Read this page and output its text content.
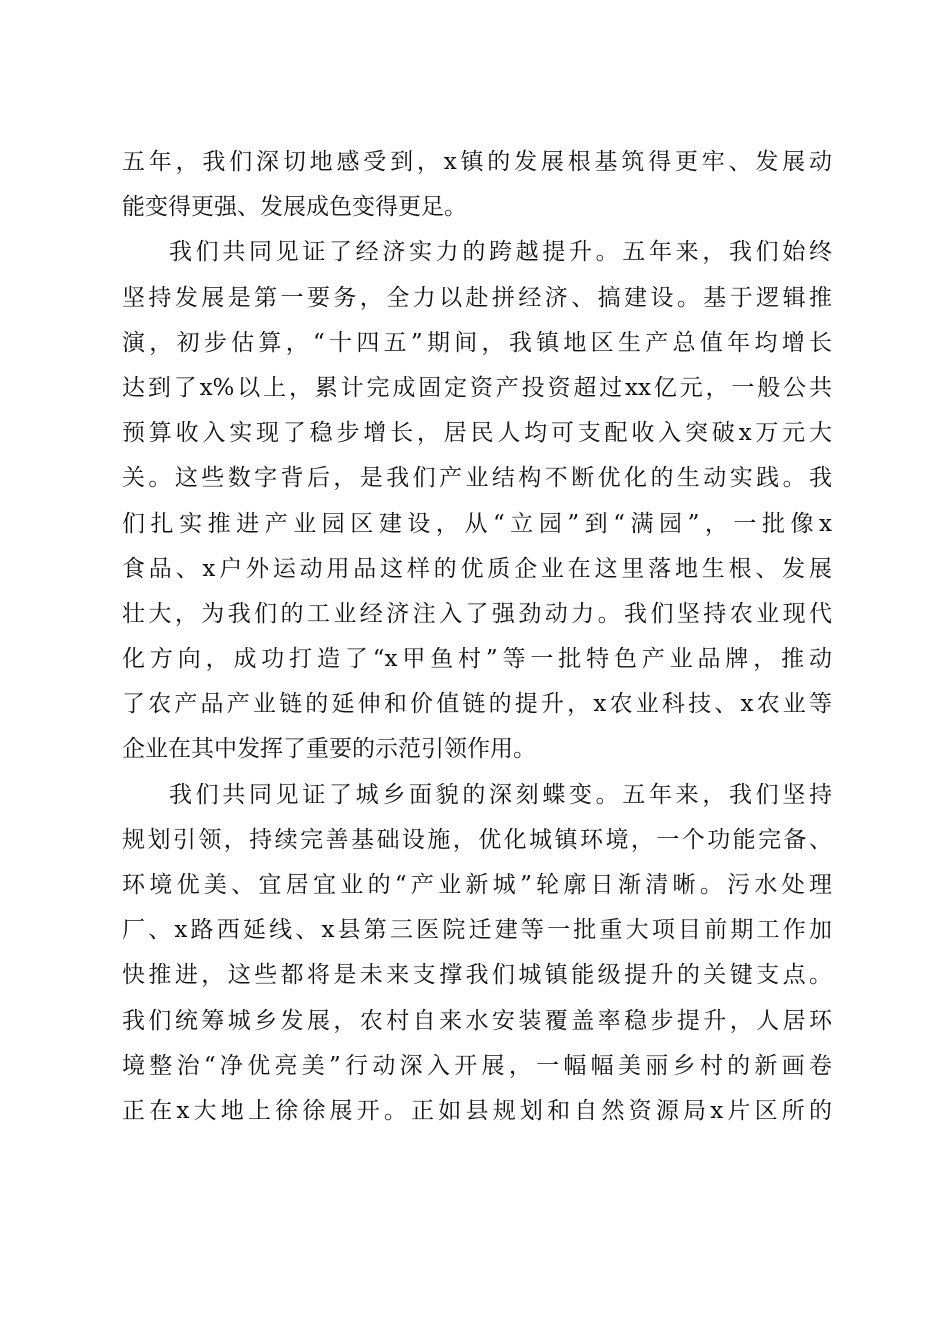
五年，我们深切地感受到，x镇的发展根基筑得更牢、发展动
能变得更强、发展成色变得更足。
我们共同见证了经济实力的跨越提升。五年来，我们始终
坚持发展是第一要务，全力以赴拼经济、搞建设。基于逻辑推
演，初步估算，“十四五”期间，我镇地区生产总值年均增长
达到了x%以上，累计完成固定资产投资超过xx亿元，一般公共
预算收入实现了稳步增长，居民人均可支配收入突破x万元大
关。这些数字背后，是我们产业结构不断优化的生动实践。我
们扎实推进产业园区建设，从“立园”到“满园”，一批像x
食品、x户外运动用品这样的优质企业在这里落地生根、发展
壮大，为我们的工业经济注入了强劲动力。我们坚持农业现代
化方向，成功打造了“x甲鱼村”等一批特色产业品牌，推动
了农产品产业链的延伸和价值链的提升，x农业科技、x农业等
企业在其中发挥了重要的示范引领作用。
我们共同见证了城乡面貌的深刻蝶变。五年来，我们坚持
规划引领，持续完善基础设施，优化城镇环境，一个功能完备、
环境优美、宜居宜业的“产业新城”轮廓日渐清晰。污水处理
厂、x路西延线、x县第三医院迁建等一批重大项目前期工作加
快推进，这些都将是未来支撑我们城镇能级提升的关键支点。
我们统筹城乡发展，农村自来水安装覆盖率稳步提升，人居环
境整治“净优亮美”行动深入开展，一幅幅美丽乡村的新画卷
正在x大地上徐徐展开。正如县规划和自然资源局x片区所的
